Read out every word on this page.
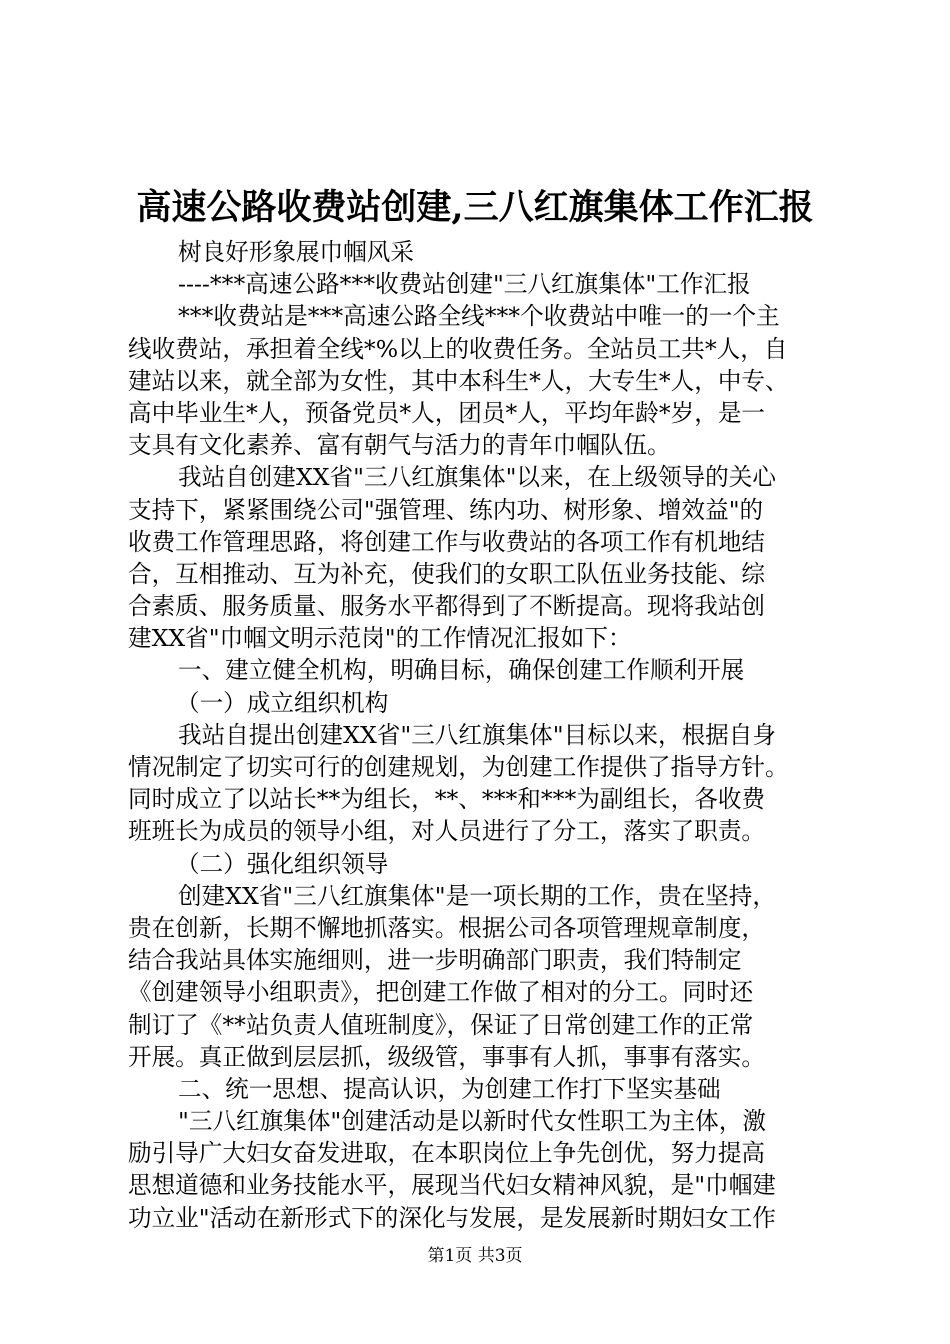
高速公路收费站创建,三八红旗集体工作汇报
树良好形象展巾帼风采
----***高速公路***收费站创建"三八红旗集体"工作汇报
***收费站是***高速公路全线***个收费站中唯一的一个主
线收费站，承担着全线*%以上的收费任务。全站员工共*人，自
建站以来，就全部为女性，其中本科生*人，大专生*人，中专、
高中毕业生*人，预备党员*人，团员*人，平均年龄*岁，是一
支具有文化素养、富有朝气与活力的青年巾帼队伍。
我站自创建XX省"三八红旗集体"以来，在上级领导的关心
支持下，紧紧围绕公司"强管理、练内功、树形象、增效益"的
收费工作管理思路，将创建工作与收费站的各项工作有机地结
合，互相推动、互为补充，使我们的女职工队伍业务技能、综
合素质、服务质量、服务水平都得到了不断提高。现将我站创
建XX省"巾帼文明示范岗"的工作情况汇报如下：
一、建立健全机构，明确目标，确保创建工作顺利开展
（一）成立组织机构
我站自提出创建XX省"三八红旗集体"目标以来，根据自身
情况制定了切实可行的创建规划，为创建工作提供了指导方针。
同时成立了以站长**为组长，**、***和***为副组长，各收费
班班长为成员的领导小组，对人员进行了分工，落实了职责。
（二）强化组织领导
创建XX省"三八红旗集体"是一项长期的工作，贵在坚持，
贵在创新，长期不懈地抓落实。根据公司各项管理规章制度，
结合我站具体实施细则，进一步明确部门职责，我们特制定
《创建领导小组职责》，把创建工作做了相对的分工。同时还
制订了《**站负责人值班制度》，保证了日常创建工作的正常
开展。真正做到层层抓，级级管，事事有人抓，事事有落实。
二、统一思想、提高认识，为创建工作打下坚实基础
"三八红旗集体"创建活动是以新时代女性职工为主体，激
励引导广大妇女奋发进取，在本职岗位上争先创优，努力提高
思想道德和业务技能水平，展现当代妇女精神风貌，是"巾帼建
功立业"活动在新形式下的深化与发展，是发展新时期妇女工作
第1页 共3页
